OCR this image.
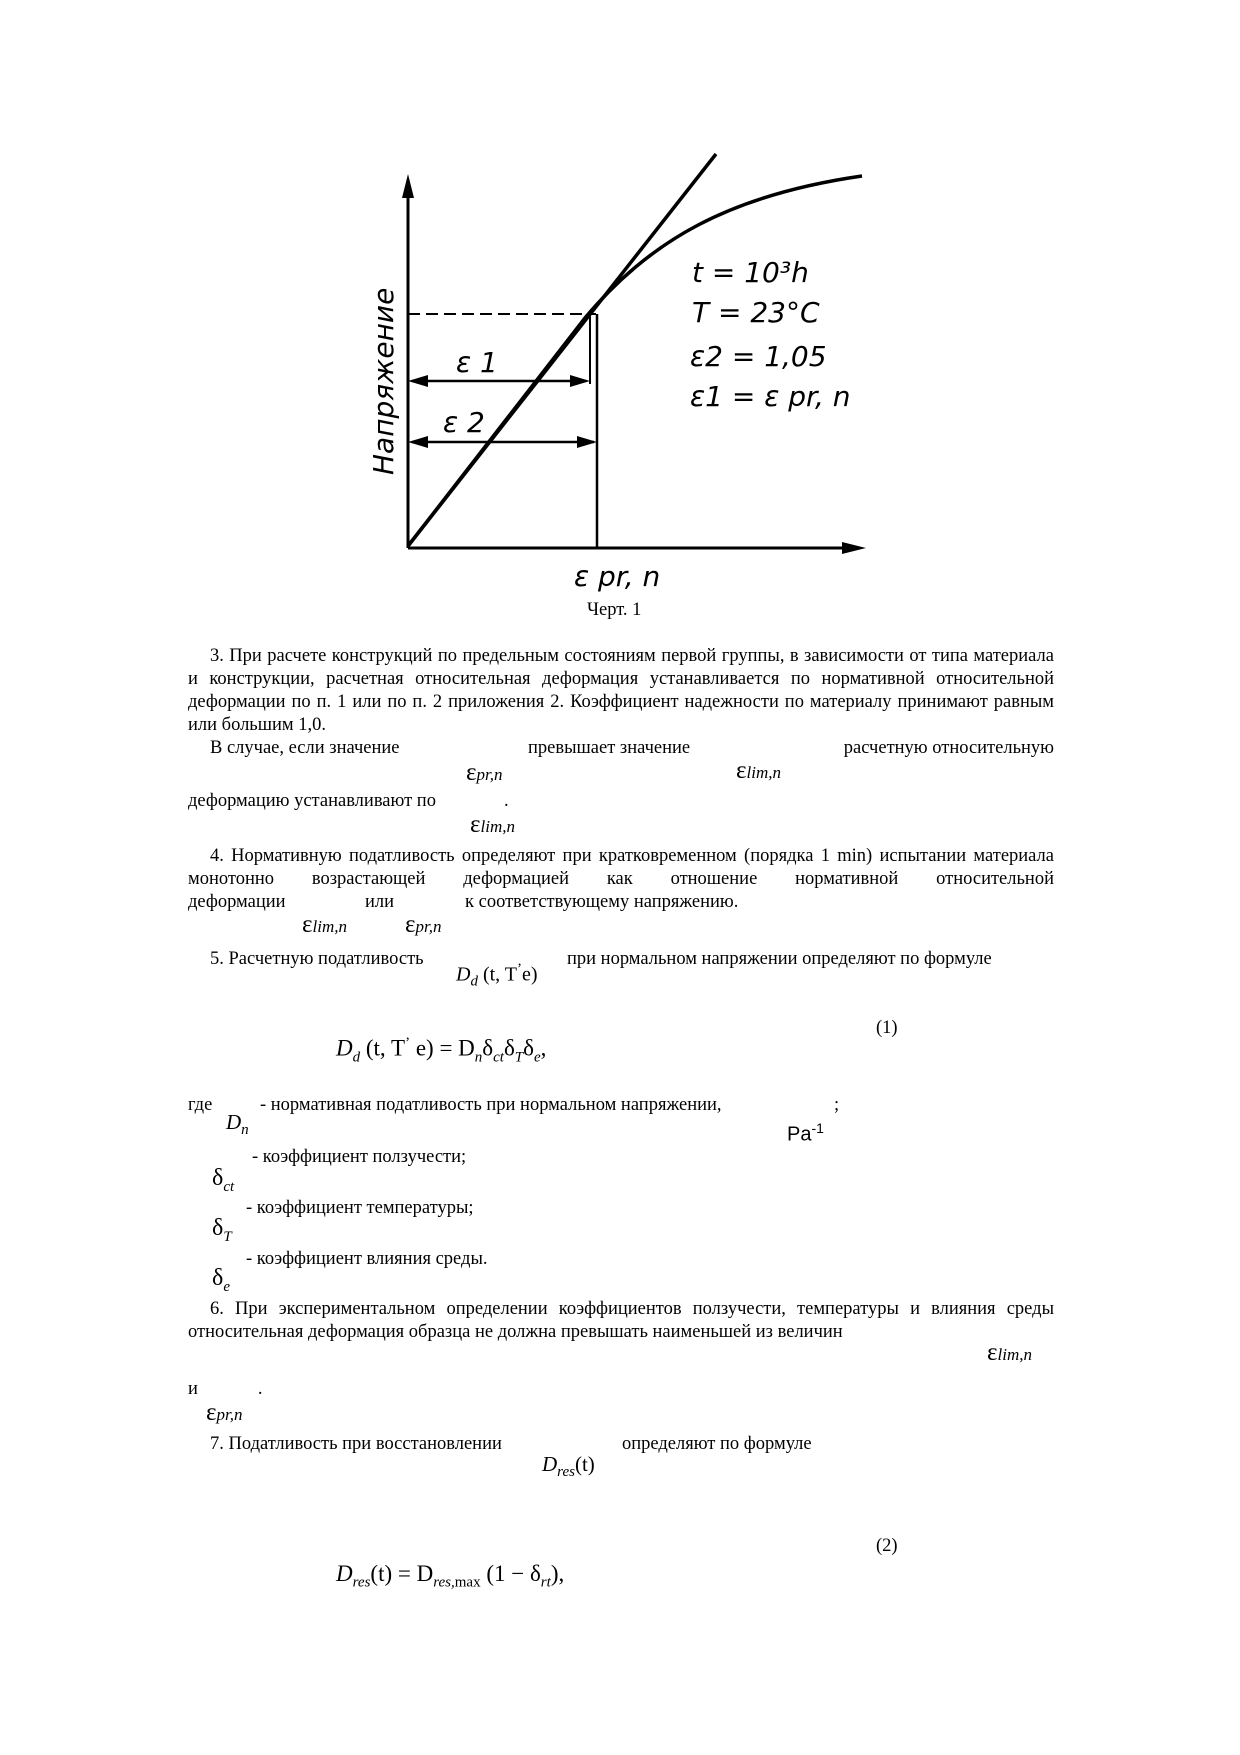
Напряжение ε 1
ε 2
ε pr, n
t = 10³h
T = 23°C
ε2 = 1,05
ε1 = ε pr, n
Черт. 1
3. При расчете конструкций по предельным состояниям первой группы, в зависимости от типа материала и конструкции, расчетная относительная деформация устанавливается по нормативной относительной деформации по п. 1 или по п. 2 приложения 2. Коэффициент надежности по материалу принимают равным или большим 1,0.
В случае, если значение	превышает значение	расчетную относительную
εpr,n	εlim,n
деформацию устанавливают по	.
εlim,n
4. Нормативную податливость определяют при кратковременном (порядка 1 min) испытании материала монотонно возрастающей деформацией как отношение нормативной относительной
деформации	или	к соответствующему напряжению.
εlim,n εpr,n
5. Расчетную податливость	при нормальном напряжении определяют по формуле
$D_d$ (t, T’e)
$D_d$ (t, T’ $e) = D_n\delta_{ct}\delta_T\delta_e$,
(1)
где	- нормативная податливость при нормальном напряжении,	;
$D_n$	$Pa^{-1}$
- коэффициент ползучести;
$\delta_{ct}$
- коэффициент температуры;
$\delta_T$
- коэффициент влияния среды.
$\delta_e$
6. При экспериментальном определении коэффициентов ползучести, температуры и влияния среды относительная деформация образца не должна превышать наименьшей из величин
εlim,n
и	.
εpr,n
7. Податливость при восстановлении	определяют по формуле
$D_{res}(t)$
$D_{res}(t) = D_{res,max}$ $(1 - \delta_{rt})$,
(2)
